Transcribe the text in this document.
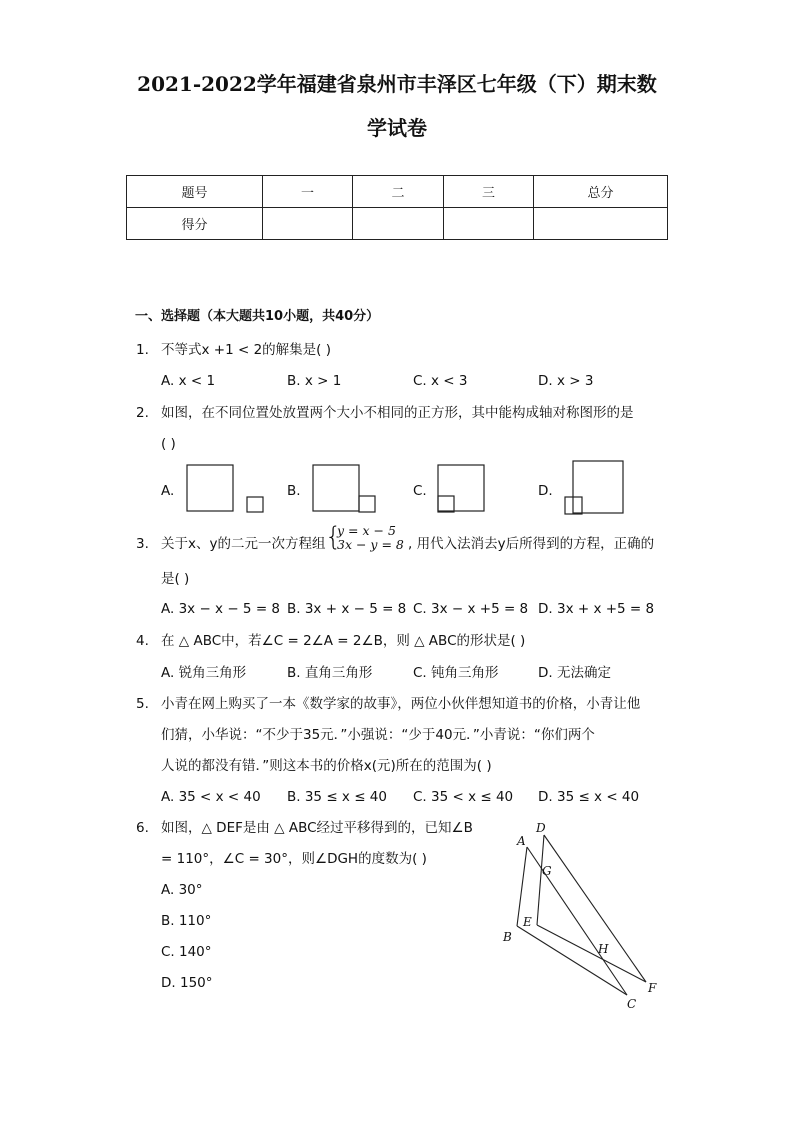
2021-2022学年福建省泉州市丰泽区七年级（下）期末数
学试卷
题号	一	二	三	总分
得分				
一、选择题（本大题共10小题，共40分）
1. 不等式x +1 < 2的解集是( )
A. x < 1	B. x > 1	C. x < 3	D. x > 3
2. 如图，在不同位置处放置两个大小不相同的正方形，其中能构成轴对称图形的是
( )
A.	B.	C.	D.
3. 关于x、y的二元一次方程组 {
y = x − 5
3x − y = 8 , 用代入法消去y后所得到的方程，正确的
是( )
A. 3x − x − 5 = 8 B. 3x + x − 5 = 8 C. 3x − x +5 = 8 D. 3x + x +5 = 8
4. 在 △ ABC中，若∠C = 2∠A = 2∠B，则 △ ABC的形状是( )
A. 锐角三角形	B. 直角三角形	C. 钝角三角形	D. 无法确定
5. 小青在网上购买了一本《数学家的故事》，两位小伙伴想知道书的价格，小青让他
们猜，小华说：“不少于35元．”小强说：“少于40元．”小青说：“你们两个
人说的都没有错．”则这本书的价格x(元)所在的范围为( )
A. 35 < x < 40 B. 35 ≤ x ≤ 40 C. 35 < x ≤ 40 D. 35 ≤ x < 40
6. 如图，△ DEF是由 △ ABC经过平移得到的，已知∠B
= 110°，∠C = 30°，则∠DGH的度数为( )
A. 30°
B. 110°
C. 140°
D. 150°
A
D
G
E
B
H
F
C
